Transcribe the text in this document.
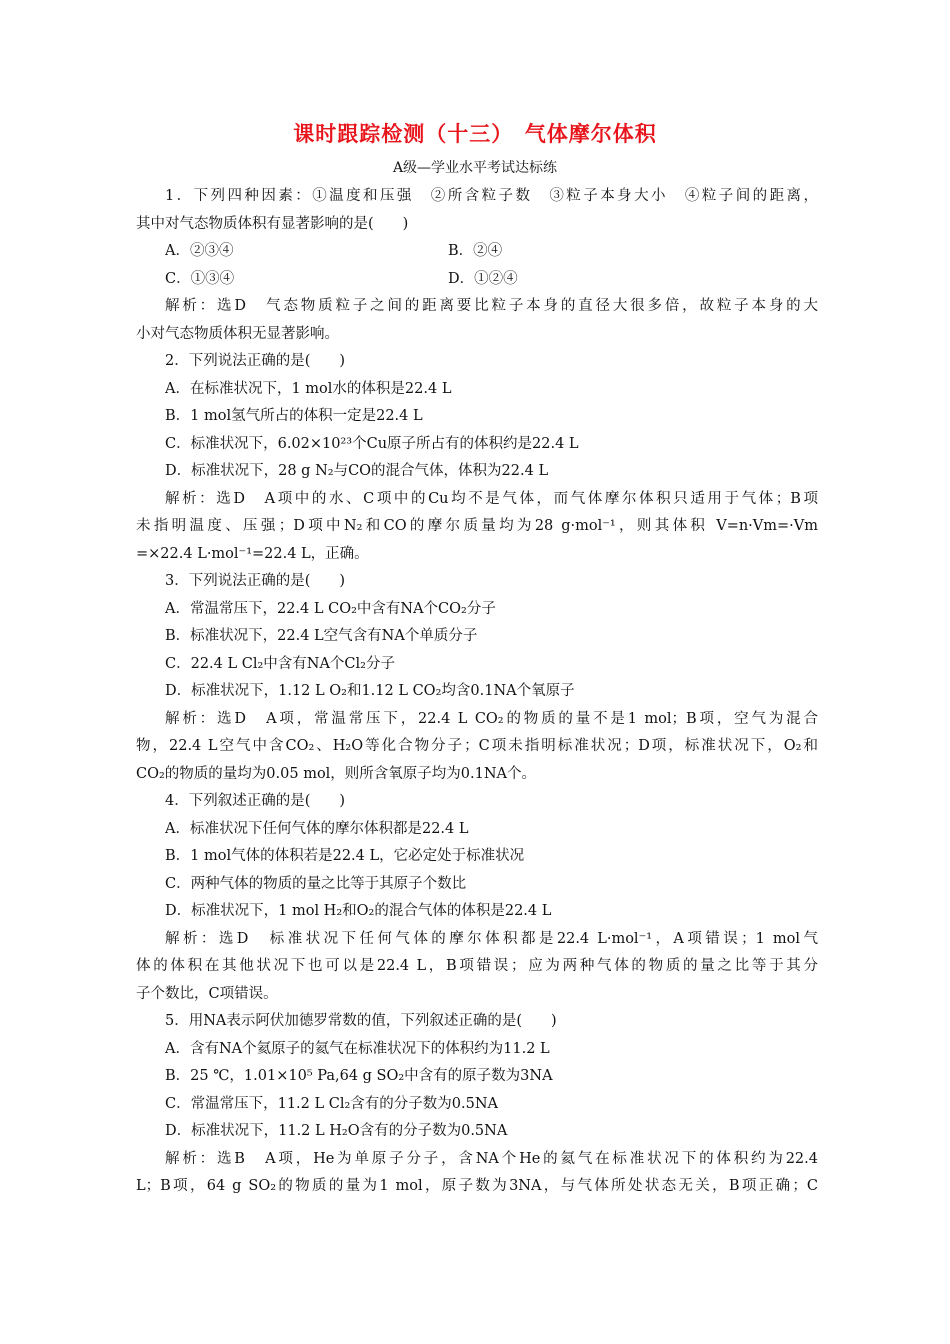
课时跟踪检测（十三）　气体摩尔体积
A级—学业水平考试达标练
1．下列四种因素：①温度和压强　②所含粒子数　③粒子本身大小　④粒子间的距离，
其中对气态物质体积有显著影响的是(　　)
A．②③④	B．②④
C．①③④	D．①②④
解析：选D　气态物质粒子之间的距离要比粒子本身的直径大很多倍，故粒子本身的大
小对气态物质体积无显著影响。
2．下列说法正确的是(　　)
A．在标准状况下，1 mol水的体积是22.4 L
B．1 mol氢气所占的体积一定是22.4 L
C．标准状况下，6.02×10²³个Cu原子所占有的体积约是22.4 L
D．标准状况下，28 g N₂与CO的混合气体，体积为22.4 L
解析：选D　A项中的水、C项中的Cu均不是气体，而气体摩尔体积只适用于气体；B项
未指明温度、压强；D项中N₂和CO的摩尔质量均为28 g·mol⁻¹，则其体积 V=n·Vm=·Vm
=×22.4 L·mol⁻¹=22.4 L，正确。
3．下列说法正确的是(　　)
A．常温常压下，22.4 L CO₂中含有NA个CO₂分子
B．标准状况下，22.4 L空气含有NA个单质分子
C．22.4 L Cl₂中含有NA个Cl₂分子
D．标准状况下，1.12 L O₂和1.12 L CO₂均含0.1NA个氧原子
解析：选D　A项，常温常压下，22.4 L CO₂的物质的量不是1 mol；B项，空气为混合
物，22.4 L空气中含CO₂、H₂O等化合物分子；C项未指明标准状况；D项，标准状况下，O₂和
CO₂的物质的量均为0.05 mol，则所含氧原子均为0.1NA个。
4．下列叙述正确的是(　　)
A．标准状况下任何气体的摩尔体积都是22.4 L
B．1 mol气体的体积若是22.4 L，它必定处于标准状况
C．两种气体的物质的量之比等于其原子个数比
D．标准状况下，1 mol H₂和O₂的混合气体的体积是22.4 L
解析：选D　标准状况下任何气体的摩尔体积都是22.4 L·mol⁻¹，A项错误；1 mol气
体的体积在其他状况下也可以是22.4 L，B项错误；应为两种气体的物质的量之比等于其分
子个数比，C项错误。
5．用NA表示阿伏加德罗常数的值，下列叙述正确的是(　　)
A．含有NA个氦原子的氦气在标准状况下的体积约为11.2 L
B．25 ℃，1.01×10⁵ Pa,64 g SO₂中含有的原子数为3NA
C．常温常压下，11.2 L Cl₂含有的分子数为0.5NA
D．标准状况下，11.2 L H₂O含有的分子数为0.5NA
解析：选B　A项，He为单原子分子，含NA个He的氦气在标准状况下的体积约为22.4
L；B项，64 g SO₂的物质的量为1 mol，原子数为3NA，与气体所处状态无关，B项正确；C
